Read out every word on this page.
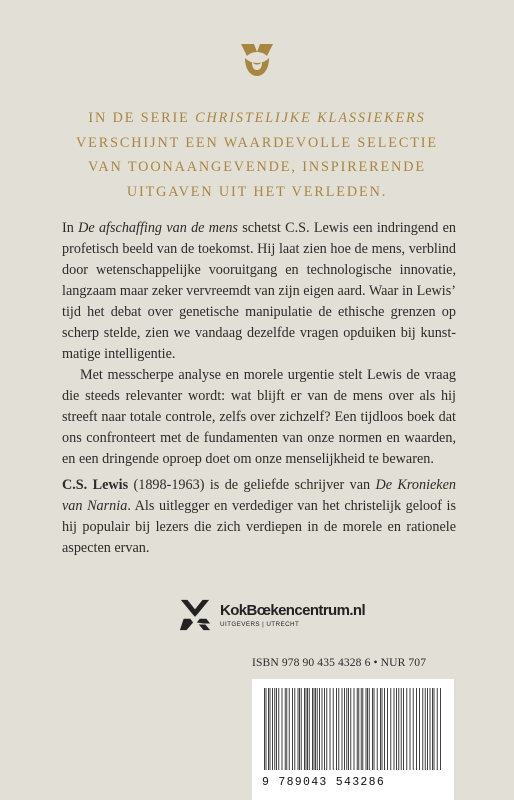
IN DE SERIE CHRISTELIJKE KLASSIEKERS
VERSCHIJNT EEN WAARDEVOLLE SELECTIE
VAN TOONAANGEVENDE, INSPIRERENDE
UITGAVEN UIT HET VERLEDEN.

In De afschaffing van de mens schetst C.S. Lewis een indringend en
profetisch beeld van de toekomst. Hij laat zien hoe de mens, verblind
door wetenschappelijke vooruitgang en technologische innovatie,
langzaam maar zeker vervreemdt van zijn eigen aard. Waar in Lewis’
tijd het debat over genetische manipulatie de ethische grenzen op
scherp stelde, zien we vandaag dezelfde vragen opduiken bij kunst-
matige intelligentie.

Met messcherpe analyse en morele urgentie stelt Lewis de vraag
die steeds relevanter wordt: wat blijft er van de mens over als hij
streeft naar totale controle, zelfs over zichzelf? Een tijdloos boek dat
ons confronteert met de fundamenten van onze normen en waarden,
en een dringende oproep doet om onze menselijkheid te bewaren.

C.S. Lewis (1898-1963) is de geliefde schrijver van De Kronieken
van Narnia. Als uitlegger en verdediger van het christelijk geloof is
hij populair bij lezers die zich verdiepen in de morele en rationele
aspecten ervan.
KokBœkencentrum.nl
UITGEVERS | UTRECHT
ISBN 978 90 435 4328 6 • NUR 707
9 789043 543286
